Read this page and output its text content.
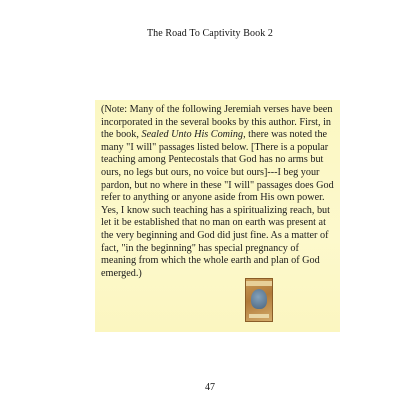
The Road To Captivity Book 2
(Note: Many of the following Jeremiah verses have been incorporated in the several books by this author. First, in the book, Sealed Unto His Coming, there was noted the many "I will" passages listed below. [There is a popular teaching among Pentecostals that God has no arms but ours, no legs but ours, no voice but ours]---I beg your pardon, but no where in these "I will" passages does God refer to anything or anyone aside from His own power. Yes, I know such teaching has a spiritualizing reach, but let it be established that no man on earth was present at the very beginning and God did just fine. As a matter of fact, "in the beginning" has special pregnancy of meaning from which the whole earth and plan of God emerged.)
47
